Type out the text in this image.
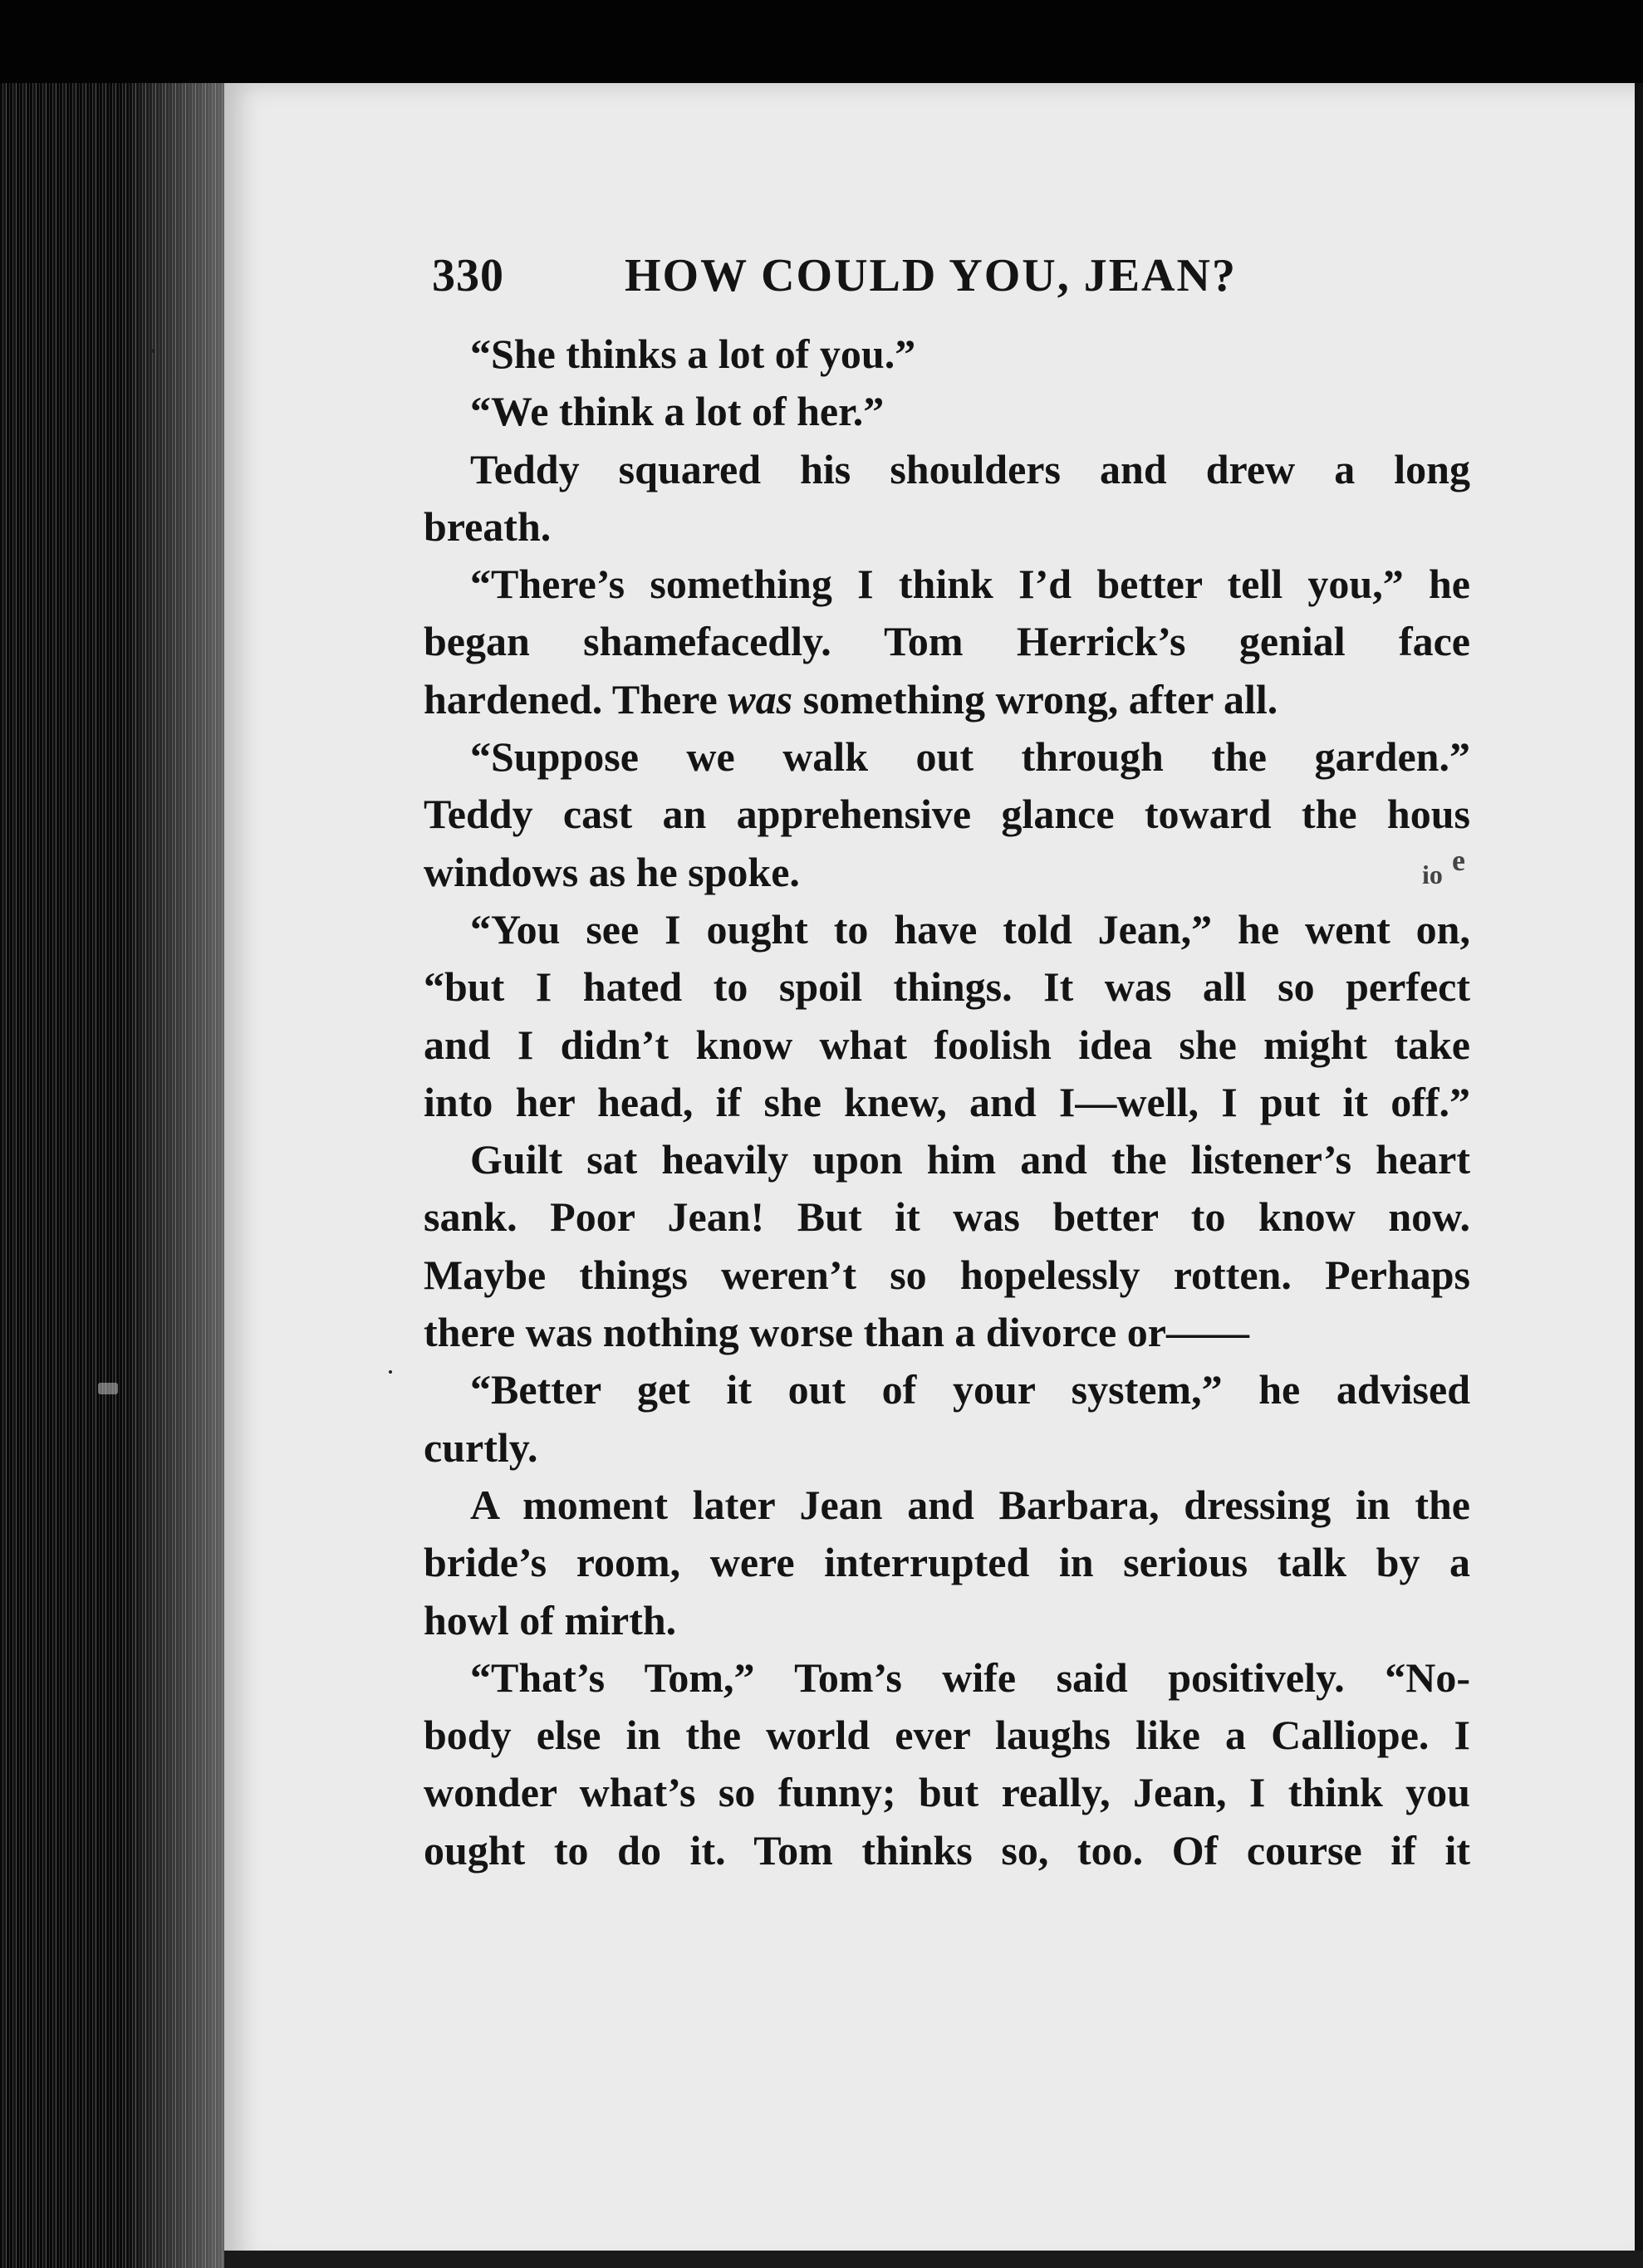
330	HOW COULD YOU, JEAN?
“She thinks a lot of you.”
“We think a lot of her.”
Teddy squared his shoulders and drew a long
breath.
“There’s something I think I’d better tell you,” he
began shamefacedly. Tom Herrick’s genial face
hardened. There was something wrong, after all.
“Suppose we walk out through the garden.”
Teddy cast an apprehensive glance toward the hous
windows as he spoke.
“You see I ought to have told Jean,” he went on,
“but I hated to spoil things. It was all so perfect
and I didn’t know what foolish idea she might take
into her head, if she knew, and I—well, I put it off.”
Guilt sat heavily upon him and the listener’s heart
sank. Poor Jean! But it was better to know now.
Maybe things weren’t so hopelessly rotten. Perhaps
there was nothing worse than a divorce or——
“Better get it out of your system,” he advised
curtly.
A moment later Jean and Barbara, dressing in the
bride’s room, were interrupted in serious talk by a
howl of mirth.
“That’s Tom,” Tom’s wife said positively. “No-
body else in the world ever laughs like a Calliope. I
wonder what’s so funny; but really, Jean, I think you
ought to do it. Tom thinks so, too. Of course if it
e
io
